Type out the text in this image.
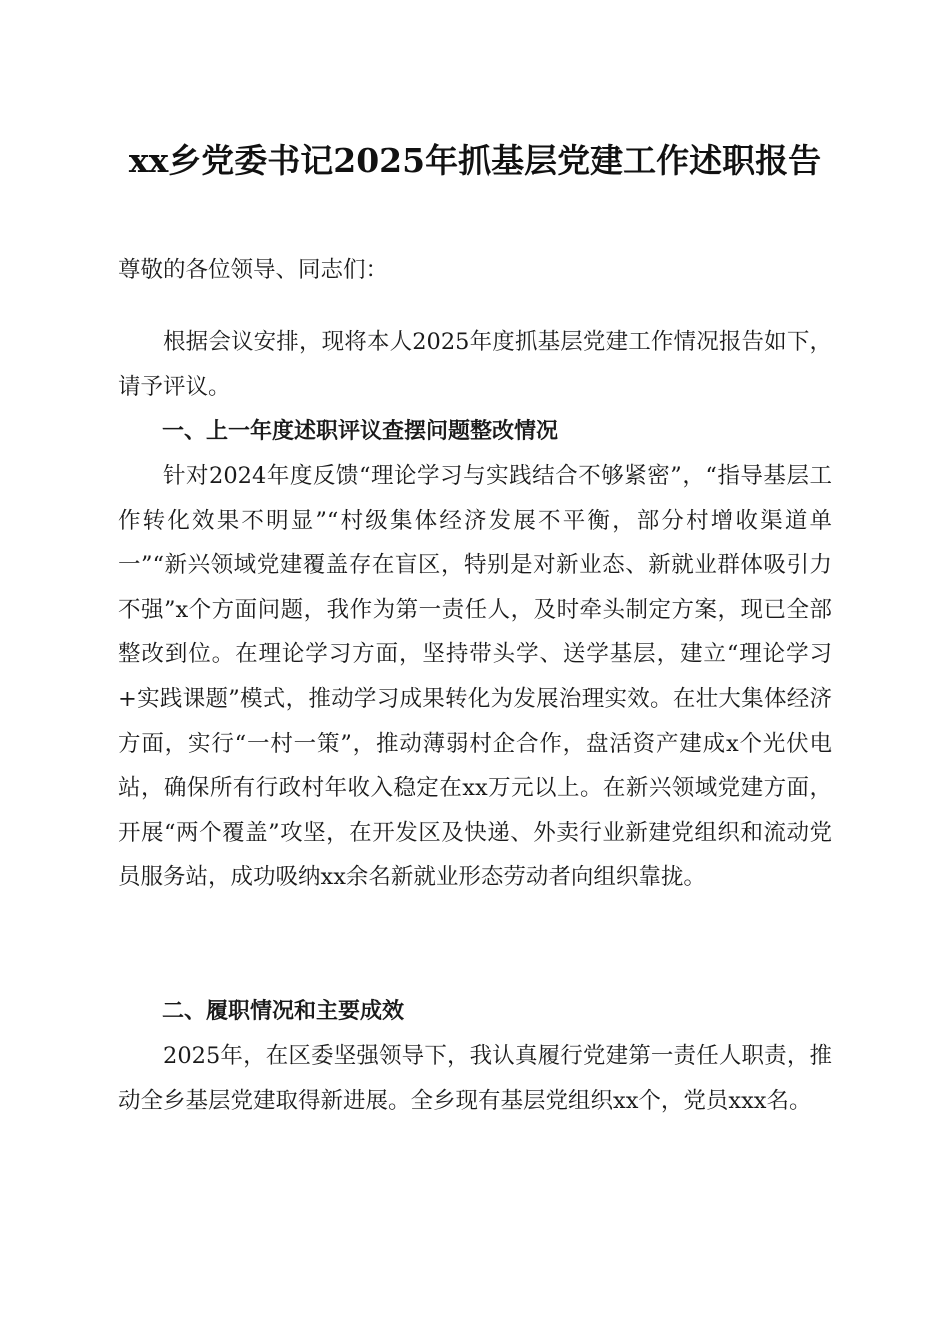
xx乡党委书记2025年抓基层党建工作述职报告

尊敬的各位领导、同志们：

根据会议安排，现将本人2025年度抓基层党建工作情况报告如下，请予评议。

一、上一年度述职评议查摆问题整改情况

针对2024年度反馈“理论学习与实践结合不够紧密”，“指导基层工作转化效果不明显”“村级集体经济发展不平衡，部分村增收渠道单一”“新兴领域党建覆盖存在盲区，特别是对新业态、新就业群体吸引力不强”x个方面问题，我作为第一责任人，及时牵头制定方案，现已全部整改到位。在理论学习方面，坚持带头学、送学基层，建立“理论学习+实践课题”模式，推动学习成果转化为发展治理实效。在壮大集体经济方面，实行“一村一策”，推动薄弱村企合作，盘活资产建成x个光伏电站，确保所有行政村年收入稳定在xx万元以上。在新兴领域党建方面，开展“两个覆盖”攻坚，在开发区及快递、外卖行业新建党组织和流动党员服务站，成功吸纳xx余名新就业形态劳动者向组织靠拢。

二、履职情况和主要成效

2025年，在区委坚强领导下，我认真履行党建第一责任人职责，推动全乡基层党建取得新进展。全乡现有基层党组织xx个，党员xxx名。
